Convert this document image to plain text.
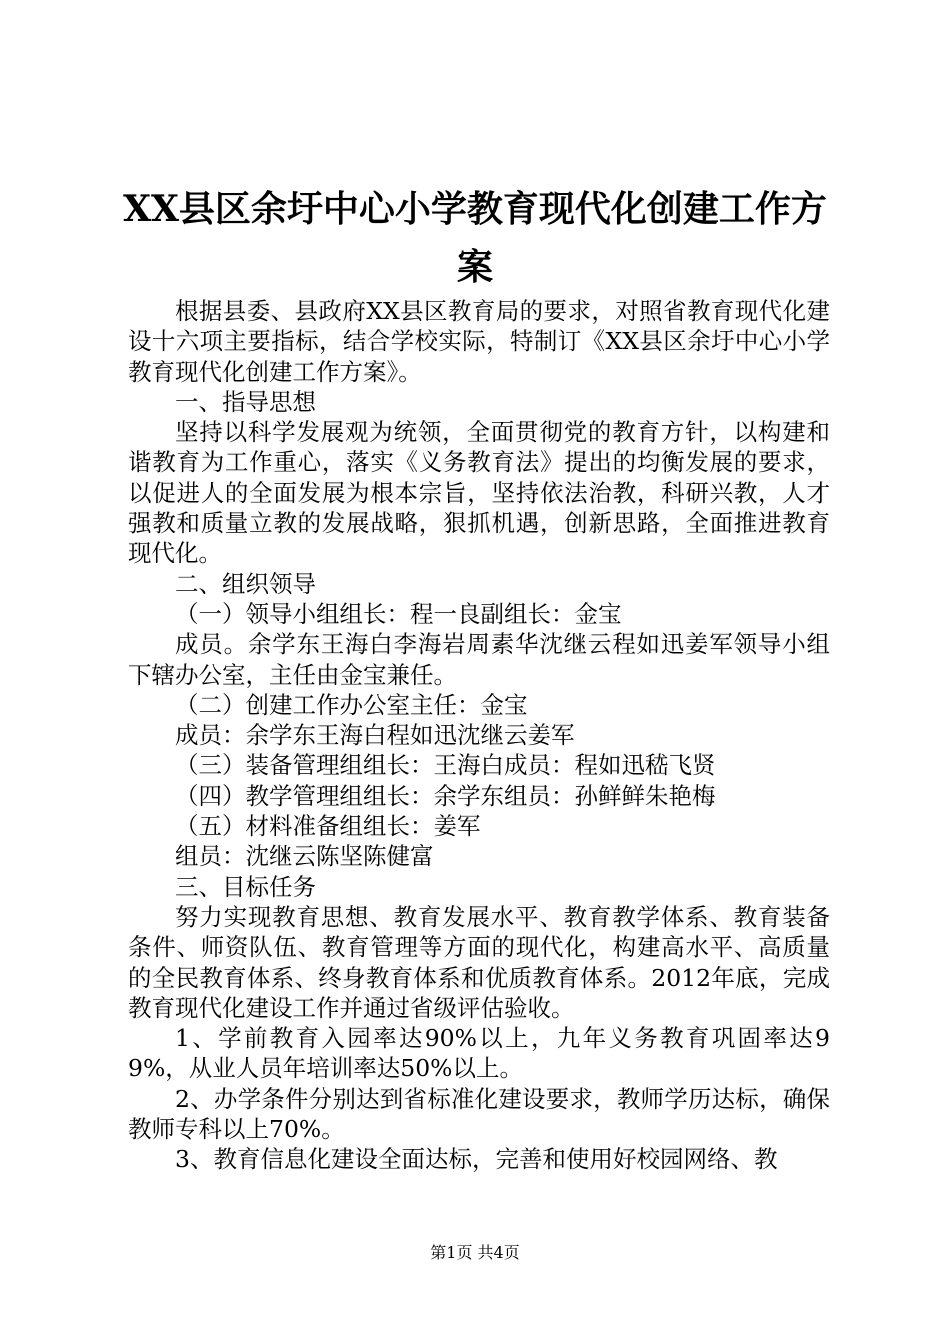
XX县区余圩中心小学教育现代化创建工作方
案

根据县委、县政府XX县区教育局的要求，对照省教育现代化建设十六项主要指标，结合学校实际，特制订《XX县区余圩中心小学教育现代化创建工作方案》。

一、指导思想

坚持以科学发展观为统领，全面贯彻党的教育方针，以构建和谐教育为工作重心，落实《义务教育法》提出的均衡发展的要求，以促进人的全面发展为根本宗旨，坚持依法治教，科研兴教，人才强教和质量立教的发展战略，狠抓机遇，创新思路，全面推进教育现代化。

二、组织领导

（一）领导小组组长：程一良副组长：金宝

成员。余学东王海白李海岩周素华沈继云程如迅姜军领导小组下辖办公室，主任由金宝兼任。

（二）创建工作办公室主任：金宝

成员：余学东王海白程如迅沈继云姜军

（三）装备管理组组长：王海白成员：程如迅嵇飞贤

（四）教学管理组组长：余学东组员：孙鲜鲜朱艳梅

（五）材料准备组组长：姜军

组员：沈继云陈坚陈健富

三、目标任务

努力实现教育思想、教育发展水平、教育教学体系、教育装备条件、师资队伍、教育管理等方面的现代化，构建高水平、高质量的全民教育体系、终身教育体系和优质教育体系。2012年底，完成教育现代化建设工作并通过省级评估验收。

1、学前教育入园率达90%以上，九年义务教育巩固率达99%，从业人员年培训率达50%以上。

2、办学条件分别达到省标准化建设要求，教师学历达标，确保教师专科以上70%。

3、教育信息化建设全面达标，完善和使用好校园网络、教

第1页 共4页
